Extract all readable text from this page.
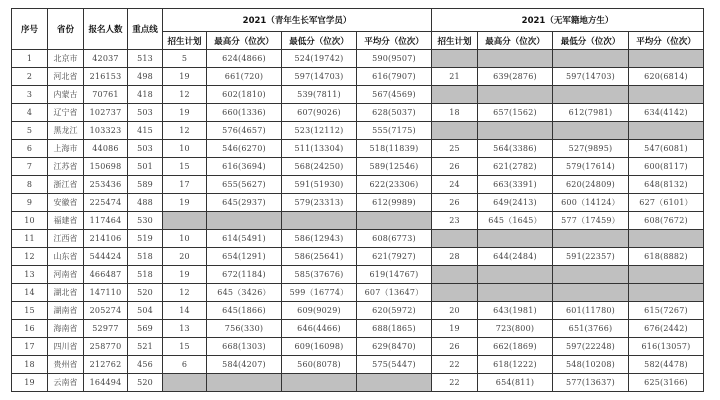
序号	省份	报名人数	重点线	2021（青年生长军官学员）				2021（无军籍地方生）			
				招生计划	最高分（位次）	最低分（位次）	平均分（位次）	招生计划	最高分（位次）	最低分（位次）	平均分（位次）
1	北京市	42037	513	5	624(4866)	524(19742)	590(9507)				
2	河北省	216153	498	19	661(720)	597(14703)	616(7907)	21	639(2876)	597(14703)	620(6814)
3	内蒙古	70761	418	12	602(1810)	539(7811)	567(4569)				
4	辽宁省	102737	503	19	660(1336)	607(9026)	628(5037)	18	657(1562)	612(7981)	634(4142)
5	黑龙江	103323	415	12	576(4657)	523(12112)	555(7175)				
6	上海市	44086	503	10	546(6270)	511(13304)	518(11839)	25	564(3386)	527(9895)	547(6081)
7	江苏省	150698	501	15	616(3694)	568(24250)	589(12546)	26	621(2782)	579(17614)	600(8117)
8	浙江省	253436	589	17	655(5627)	591(51930)	622(23306)	24	663(3391)	620(24809)	648(8132)
9	安徽省	225474	488	19	645(2937)	579(23313)	612(9989)	26	649(2413)	600（14124）	627（6101）
10	福建省	117464	530					23	645（1645）	577（17459）	608(7672)
11	江西省	214106	519	10	614(5491)	586(12943)	608(6773)				
12	山东省	544424	518	20	654(1291)	586(25641)	621(7927)	28	644(2484)	591(22357)	618(8882)
13	河南省	466487	518	19	672(1184)	585(37676)	619(14767)				
14	湖北省	147110	520	12	645（3426）	599（16774）	607（13647）				
15	湖南省	205274	504	14	645(1866)	609(9029)	620(5972)	20	643(1981)	601(11780)	615(7267)
16	海南省	52977	569	13	756(330)	646(4466)	688(1865)	19	723(800)	651(3766)	676(2442)
17	四川省	258770	521	15	668(1303)	609(16098)	629(8470)	26	662(1869)	597(22248)	616(13057)
18	贵州省	212762	456	6	584(4207)	560(8078)	575(5447)	22	618(1222)	548(10208)	582(4478)
19	云南省	164494	520					22	654(811)	577(13637)	625(3166)
